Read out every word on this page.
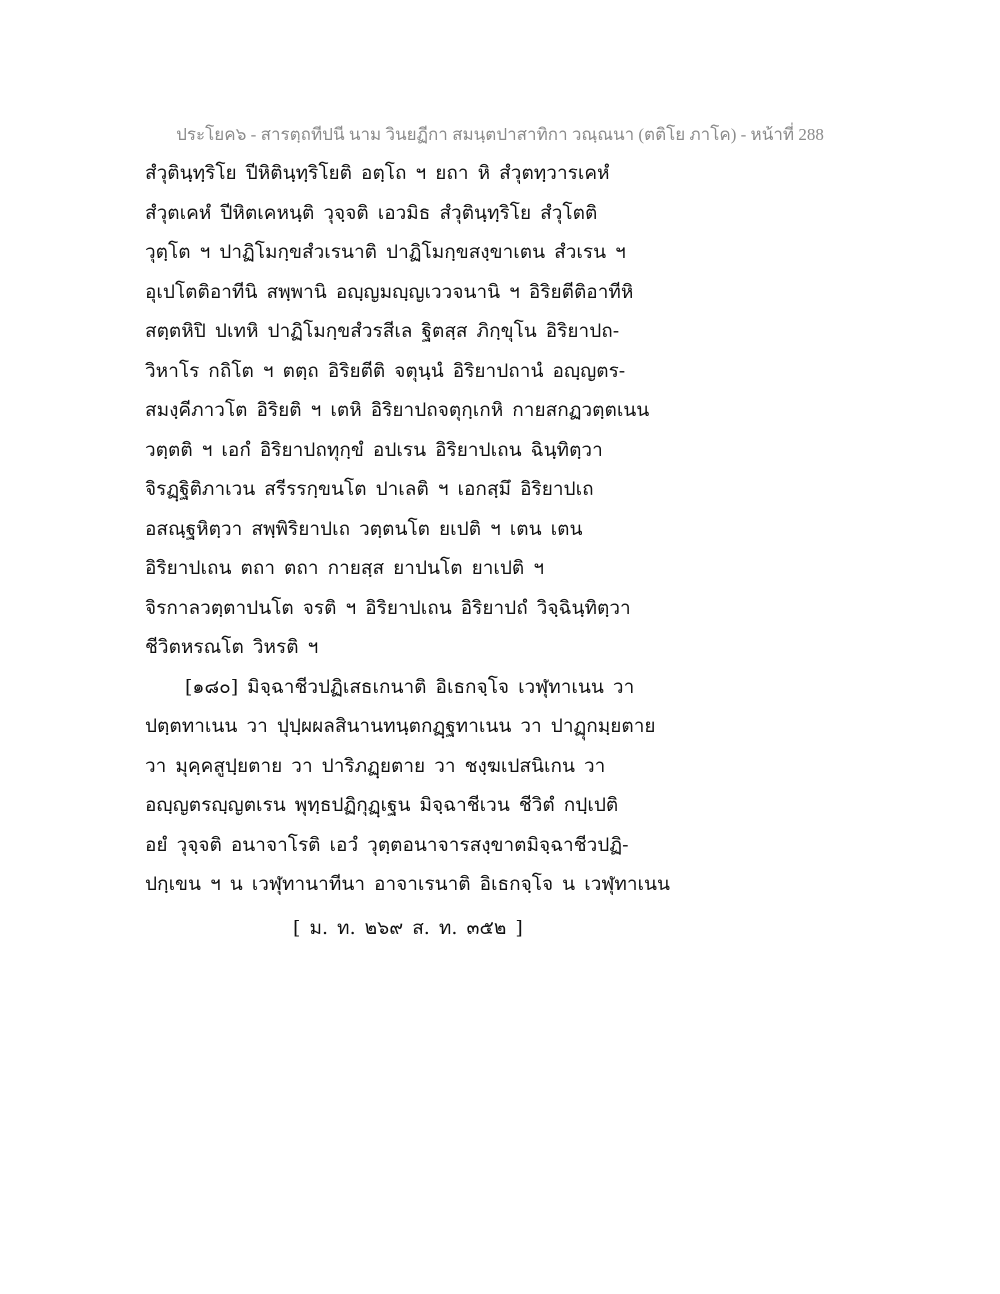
ประโยค๖ - สารตฺถทีปนี นาม วินยฏีกา สมนฺตปาสาทิกา วณฺณนา (ตติโย ภาโค) - หน้าที่ 288
สํวุตินฺทฺริโย ปีหิตินฺทฺริโยติ อตฺโถ ฯ ยถา หิ สํวุตทฺวารเคหํ
สํวุตเคหํ ปีหิตเคหนฺติ วุจฺจติ เอวมิธ สํวุตินฺทฺริโย สํวุโตติ
วุตฺโต ฯ ปาฏิโมกฺขสํวเรนาติ ปาฏิโมกฺขสงฺขาเตน สํวเรน ฯ
อุเปโตติอาทีนิ สพฺพานิ อญฺญมญฺญเววจนานิ ฯ อิริยตีติอาทีหิ
สตฺตหิปิ ปเทหิ ปาฏิโมกฺขสํวรสีเล ฐิตสฺส ภิกฺขุโน อิริยาปถ-
วิหาโร กถิโต ฯ ตตฺถ อิริยตีติ จตุนฺนํ อิริยาปถานํ อญฺญตร-
สมงฺคีภาวโต อิริยติ ฯ เตหิ อิริยาปถจตุกฺเกหิ กายสกฏวตฺตเนน
วตฺตติ ฯ เอกํ อิริยาปถทุกฺขํ อปเรน อิริยาปเถน ฉินฺทิตฺวา
จิรฏฺฐิติภาเวน สรีรรกฺขนโต ปาเลติ ฯ เอกสฺมึ อิริยาปเถ
อสณฺฐหิตฺวา สพฺพิริยาปเถ วตฺตนโต ยเปติ ฯ เตน เตน
อิริยาปเถน ตถา ตถา กายสฺส ยาปนโต ยาเปติ ฯ
จิรกาลวตฺตาปนโต จรติ ฯ อิริยาปเถน อิริยาปถํ วิจฺฉินฺทิตฺวา
ชีวิตหรณโต วิหรติ ฯ
[๑๘๐] มิจฺฉาชีวปฏิเสธเกนาติ อิเธกจฺโจ เวฬุทาเนน วา
ปตฺตทาเนน วา ปุปฺผผลสินานทนฺตกฏฺฐทาเนน วา ปาฏุกมฺยตาย
วา มุคฺคสูปฺยตาย วา ปาริภฏฺยตาย วา ชงฺฆเปสนิเกน วา
อญฺญตรญฺญตเรน พุทฺธปฏิกุฏฺเฐน มิจฺฉาชีเวน ชีวิตํ กปฺเปติ
อยํ วุจฺจติ อนาจาโรติ เอวํ วุตฺตอนาจารสงฺขาตมิจฺฉาชีวปฏิ-
ปกฺเขน ฯ น เวฬุทานาทีนา อาจาเรนาติ อิเธกจฺโจ น เวฬุทาเนน
[ ม. ท. ๒๖๙ ส. ท. ๓๕๒ ]
